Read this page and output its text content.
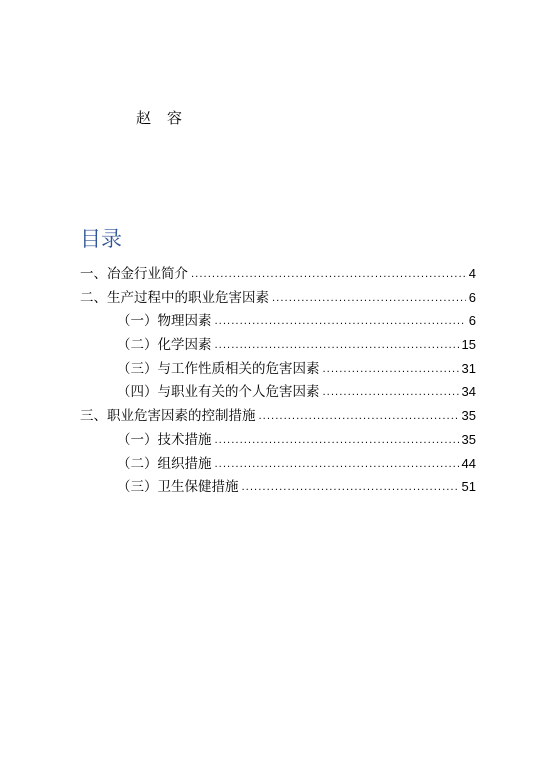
赵 容
目录
一、冶金行业简介 .....	4
二、生产过程中的职业危害因素 .....	6
（一）物理因素 .....	6
（二）化学因素 .....	15
（三）与工作性质相关的危害因素 .....	31
（四）与职业有关的个人危害因素 .....	34
三、职业危害因素的控制措施 .....	35
（一）技术措施 .....	35
（二）组织措施 .....	44
（三）卫生保健措施 .....	51
